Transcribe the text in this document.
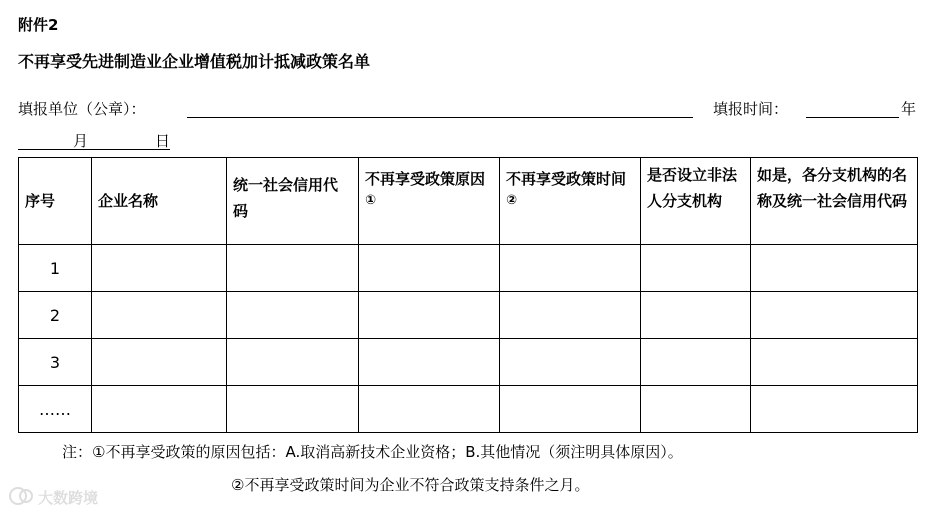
附件2
不再享受先进制造业企业增值税加计抵减政策名单
填报单位（公章）：	填报时间：	年
月	日
序号	企业名称	统一社会信用代码	不再享受政策原因①	不再享受政策时间②	是否设立非法人分支机构	如是，各分支机构的名称及统一社会信用代码

1						
2						
3						
……						
注：①不再享受政策的原因包括：A.取消高新技术企业资格；B.其他情况（须注明具体原因）。
②不再享受政策时间为企业不符合政策支持条件之月。
大数跨境
